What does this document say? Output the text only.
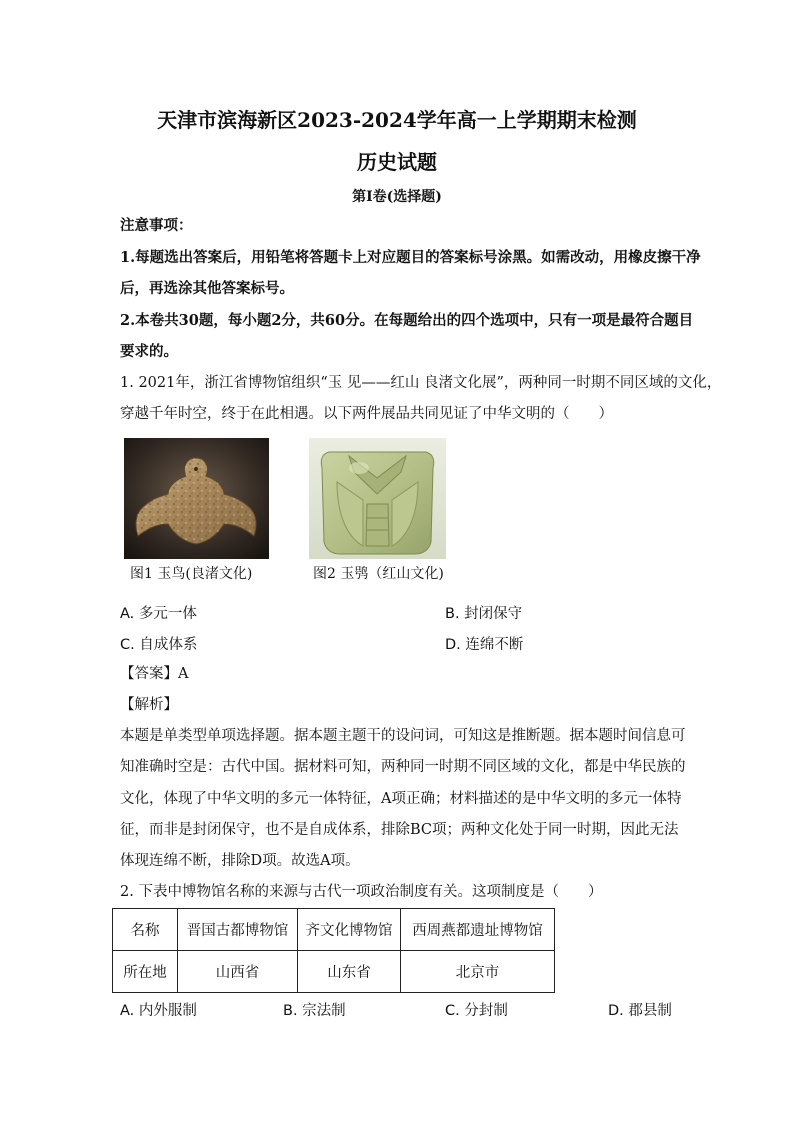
天津市滨海新区2023-2024学年高一上学期期末检测
历史试题
第Ⅰ卷(选择题)
注意事项：
1.每题选出答案后，用铅笔将答题卡上对应题目的答案标号涂黑。如需改动，用橡皮擦干净
后，再选涂其他答案标号。
2.本卷共30题，每小题2分，共60分。在每题给出的四个选项中，只有一项是最符合题目
要求的。
1. 2021年，浙江省博物馆组织“玉 见——红山 良渚文化展”，两种同一时期不同区域的文化，
穿越千年时空，终于在此相遇。以下两件展品共同见证了中华文明的（　　）
图1 玉鸟(良渚文化)	图2 玉鸮（红山文化)
A. 多元一体	B. 封闭保守
C. 自成体系	D. 连绵不断
【答案】A
【解析】
本题是单类型单项选择题。据本题主题干的设问词，可知这是推断题。据本题时间信息可
知准确时空是：古代中国。据材料可知，两种同一时期不同区域的文化，都是中华民族的
文化，体现了中华文明的多元一体特征，A项正确；材料描述的是中华文明的多元一体特
征，而非是封闭保守，也不是自成体系，排除BC项；两种文化处于同一时期，因此无法
体现连绵不断，排除D项。故选A项。
2. 下表中博物馆名称的来源与古代一项政治制度有关。这项制度是（　　）
名称	晋国古都博物馆	齐文化博物馆	西周燕都遗址博物馆
所在地	山西省	山东省	北京市
A. 内外服制	B. 宗法制	C. 分封制	D. 郡县制
